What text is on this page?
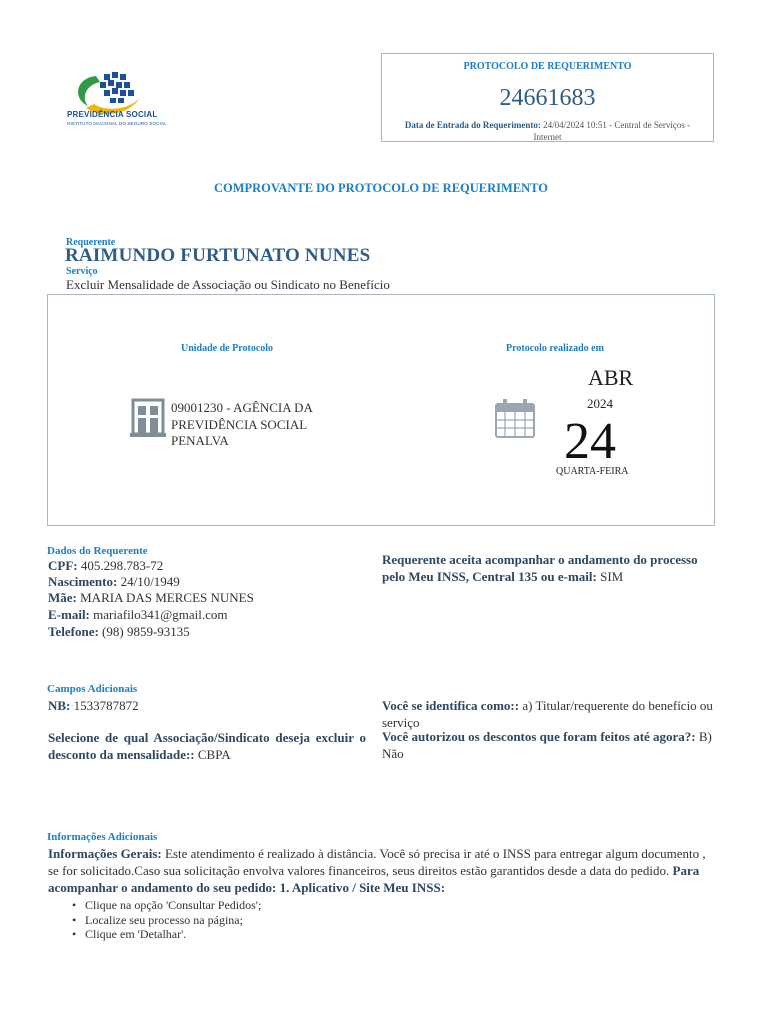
PREVIDÊNCIA SOCIAL
INSTITUTO NACIONAL DO SEGURO SOCIAL
PROTOCOLO DE REQUERIMENTO
24661683
Data de Entrada do Requerimento: 24/04/2024 10:51 - Central de Serviços - Internet
COMPROVANTE DO PROTOCOLO DE REQUERIMENTO
Requerente
RAIMUNDO FURTUNATO NUNES
Serviço
Excluir Mensalidade de Associação ou Sindicato no Benefício
Unidade de Protocolo	Protocolo realizado em
09001230 - AGÊNCIA DA PREVIDÊNCIA SOCIAL PENALVA
ABR
2024
24
QUARTA-FEIRA
Dados do Requerente
CPF: 405.298.783-72
Nascimento: 24/10/1949
Mãe: MARIA DAS MERCES NUNES
E-mail: mariafilo341@gmail.com
Telefone: (98) 9859-93135
Requerente aceita acompanhar o andamento do processo pelo Meu INSS, Central 135 ou e-mail: SIM
Campos Adicionais
NB: 1533787872
Selecione de qual Associação/Sindicato deseja excluir o desconto da mensalidade:: CBPA
Você se identifica como:: a) Titular/requerente do benefício ou serviço
Você autorizou os descontos que foram feitos até agora?: B) Não
Informações Adicionais
Informações Gerais: Este atendimento é realizado à distância. Você só precisa ir até o INSS para entregar algum documento , se for solicitado.Caso sua solicitação envolva valores financeiros, seus direitos estão garantidos desde a data do pedido. Para acompanhar o andamento do seu pedido: 1. Aplicativo / Site Meu INSS:
• Clique na opção 'Consultar Pedidos';
• Localize seu processo na página;
• Clique em 'Detalhar'.
